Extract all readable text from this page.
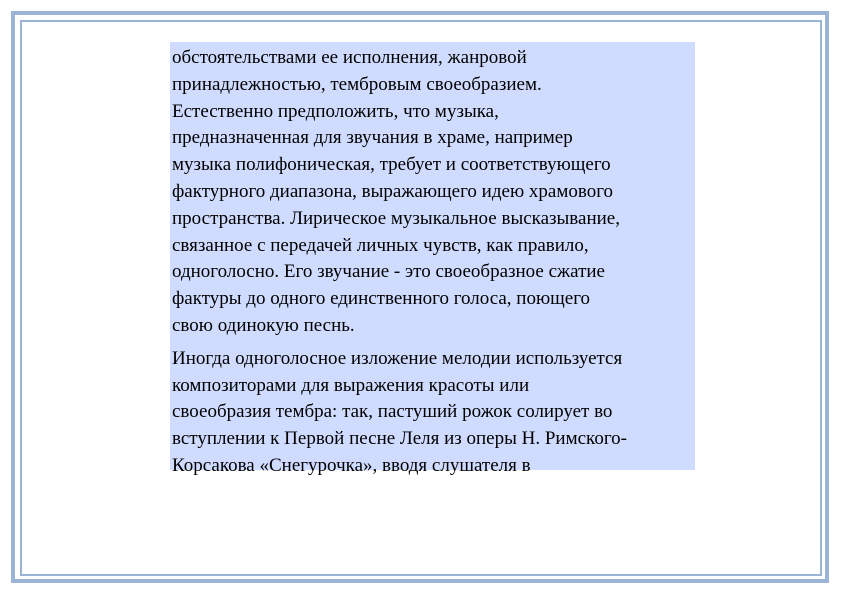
обстоятельствами ее исполнения, жанровой
принадлежностью, тембровым своеобразием.
Естественно предположить, что музыка,
предназначенная для звучания в храме, например
музыка полифоническая, требует и соответствующего
фактурного диапазона, выражающего идею храмового
пространства. Лирическое музыкальное высказывание,
связанное с передачей личных чувств, как правило,
одноголосно. Его звучание - это своеобразное сжатие
фактуры до одного единственного голоса, поющего
свою одинокую песнь.

Иногда одноголосное изложение мелодии используется
композиторами для выражения красоты или
своеобразия тембра: так, пастуший рожок солирует во
вступлении к Первой песне Леля из оперы Н. Римского-
Корсакова «Снегурочка», вводя слушателя в
